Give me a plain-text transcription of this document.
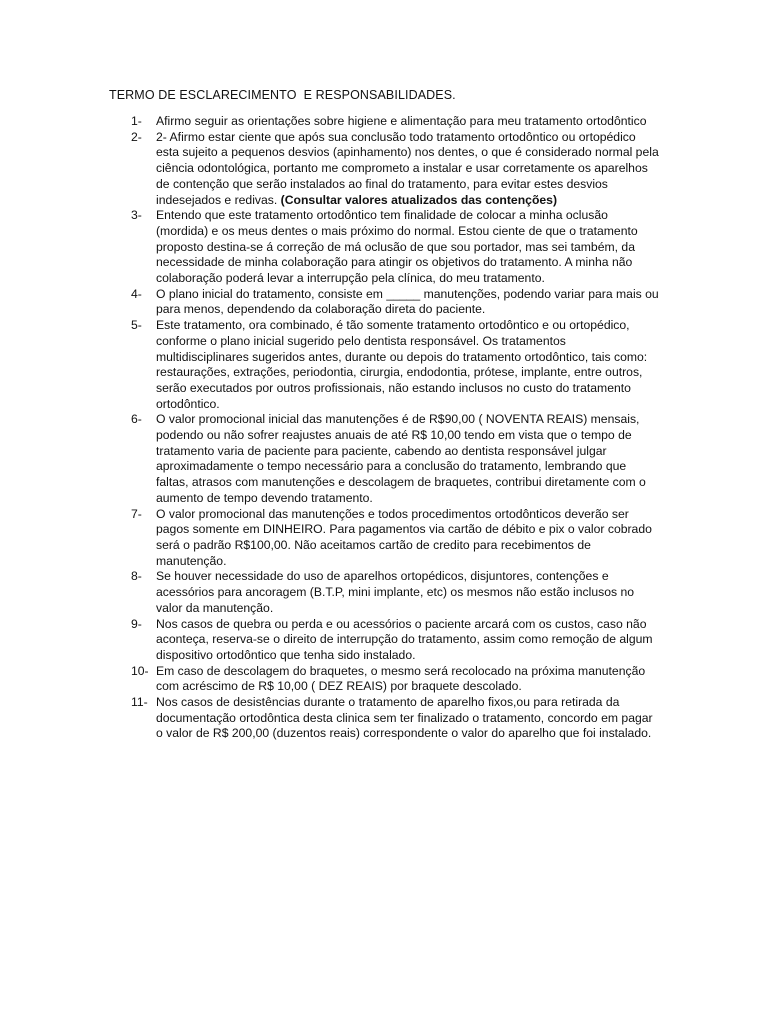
TERMO DE ESCLARECIMENTO  E RESPONSABILIDADES.
1- Afirmo seguir as orientações sobre higiene e alimentação para meu tratamento ortodôntico
2- 2- Afirmo estar ciente que após sua conclusão todo tratamento ortodôntico ou ortopédico esta sujeito a pequenos desvios (apinhamento) nos dentes, o que é considerado normal pela ciência odontológica, portanto me comprometo a instalar e usar corretamente os aparelhos de contenção que serão instalados ao final do tratamento, para evitar estes desvios indesejados e redivas. (Consultar valores atualizados das contenções)
3- Entendo que este tratamento ortodôntico tem finalidade de colocar a minha oclusão (mordida) e os meus dentes o mais próximo do normal. Estou ciente de que o tratamento proposto destina-se á correção de má oclusão de que sou portador, mas sei também, da necessidade de minha colaboração para atingir os objetivos do tratamento. A minha não colaboração poderá levar a interrupção pela clínica, do meu tratamento.
4- O plano inicial do tratamento, consiste em _____ manutenções, podendo variar para mais ou para menos, dependendo da colaboração direta do paciente.
5- Este tratamento, ora combinado, é tão somente tratamento ortodôntico e ou ortopédico, conforme o plano inicial sugerido pelo dentista responsável. Os tratamentos multidisciplinares sugeridos antes, durante ou depois do tratamento ortodôntico, tais como: restaurações, extrações, periodontia, cirurgia, endodontia, prótese, implante, entre outros, serão executados por outros profissionais, não estando inclusos no custo do tratamento ortodôntico.
6- O valor promocional inicial das manutenções é de R$90,00 ( NOVENTA REAIS) mensais, podendo ou não sofrer reajustes anuais de até R$ 10,00 tendo em vista que o tempo de tratamento varia de paciente para paciente, cabendo ao dentista responsável julgar aproximadamente o tempo necessário para a conclusão do tratamento, lembrando que faltas, atrasos com manutenções e descolagem de braquetes, contribui diretamente com o aumento de tempo devendo tratamento.
7- O valor promocional das manutenções e todos procedimentos ortodônticos deverão ser pagos somente em DINHEIRO. Para pagamentos via cartão de débito e pix o valor cobrado será o padrão R$100,00. Não aceitamos cartão de credito para recebimentos de manutenção.
8- Se houver necessidade do uso de aparelhos ortopédicos, disjuntores, contenções e acessórios para ancoragem (B.T.P, mini implante, etc) os mesmos não estão inclusos no valor da manutenção.
9- Nos casos de quebra ou perda e ou acessórios o paciente arcará com os custos, caso não aconteça, reserva-se o direito de interrupção do tratamento, assim como remoção de algum dispositivo ortodôntico que tenha sido instalado.
10- Em caso de descolagem do braquetes, o mesmo será recolocado na próxima manutenção com acréscimo de R$ 10,00 ( DEZ REAIS) por braquete descolado.
11- Nos casos de desistências durante o tratamento de aparelho fixos,ou para retirada da documentação ortodôntica desta clinica sem ter finalizado o tratamento, concordo em pagar o valor de R$ 200,00 (duzentos reais) correspondente o valor do aparelho que foi instalado.
